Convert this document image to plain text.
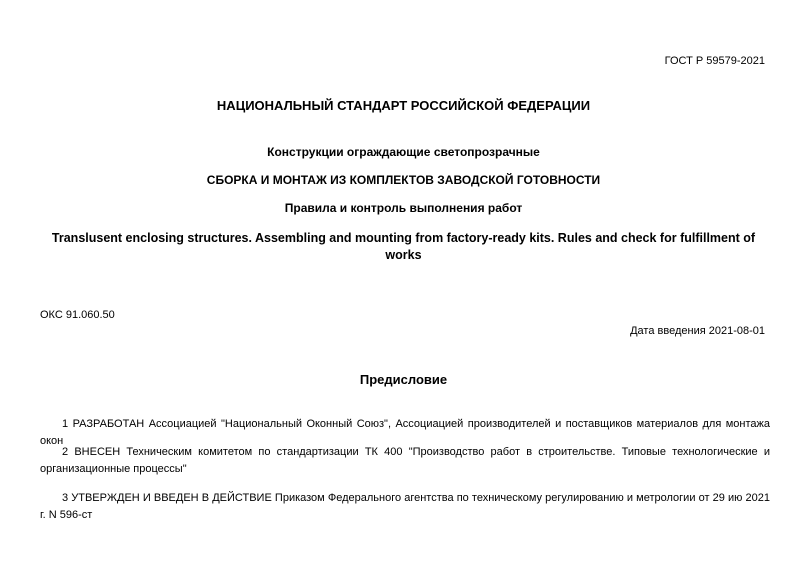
ГОСТ Р 59579-2021
НАЦИОНАЛЬНЫЙ СТАНДАРТ РОССИЙСКОЙ ФЕДЕРАЦИИ
Конструкции ограждающие светопрозрачные
СБОРКА И МОНТАЖ ИЗ КОМПЛЕКТОВ ЗАВОДСКОЙ ГОТОВНОСТИ
Правила и контроль выполнения работ
Translusent enclosing structures. Assembling and mounting from factory-ready kits. Rules and check for fulfillment of works
ОКС 91.060.50
Дата введения 2021-08-01
Предисловие
1 РАЗРАБОТАН Ассоциацией "Национальный Оконный Союз", Ассоциацией производителей и поставщиков материалов для монтажа окон
2 ВНЕСЕН Техническим комитетом по стандартизации ТК 400 "Производство работ в строительстве. Типовые технологические и организационные процессы"
3 УТВЕРЖДЕН И ВВЕДЕН В ДЕЙСТВИЕ Приказом Федерального агентства по техническому регулированию и метрологии от 29 ию 2021 г. N 596-ст
